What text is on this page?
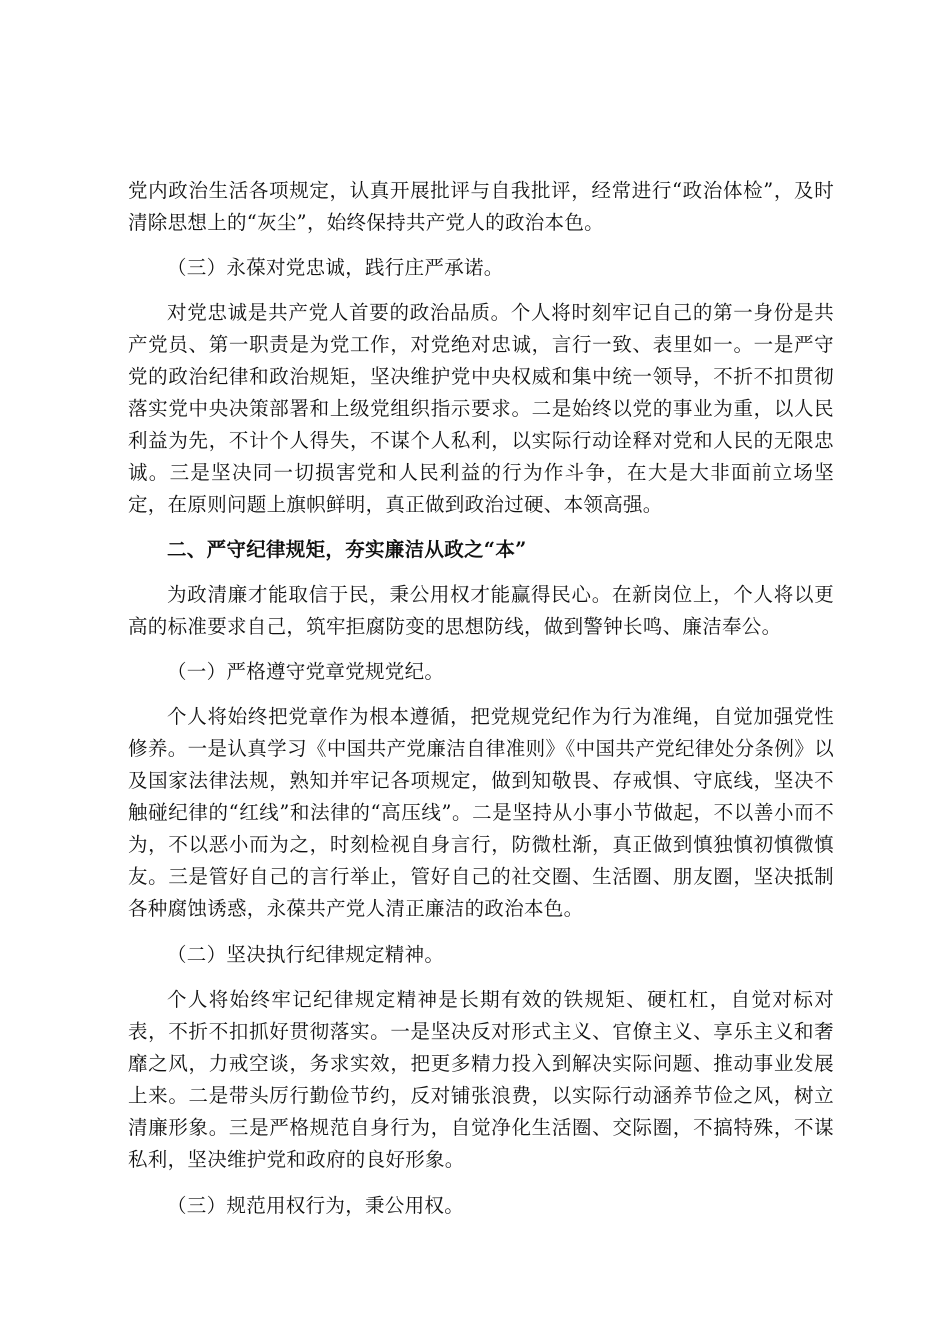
党内政治生活各项规定，认真开展批评与自我批评，经常进行“政治体检”，及时清除思想上的“灰尘”，始终保持共产党人的政治本色。

（三）永葆对党忠诚，践行庄严承诺。

对党忠诚是共产党人首要的政治品质。个人将时刻牢记自己的第一身份是共产党员、第一职责是为党工作，对党绝对忠诚，言行一致、表里如一。一是严守党的政治纪律和政治规矩，坚决维护党中央权威和集中统一领导，不折不扣贯彻落实党中央决策部署和上级党组织指示要求。二是始终以党的事业为重，以人民利益为先，不计个人得失，不谋个人私利，以实际行动诠释对党和人民的无限忠诚。三是坚决同一切损害党和人民利益的行为作斗争，在大是大非面前立场坚定，在原则问题上旗帜鲜明，真正做到政治过硬、本领高强。

二、严守纪律规矩，夯实廉洁从政之“本”

为政清廉才能取信于民，秉公用权才能赢得民心。在新岗位上，个人将以更高的标准要求自己，筑牢拒腐防变的思想防线，做到警钟长鸣、廉洁奉公。

（一）严格遵守党章党规党纪。

个人将始终把党章作为根本遵循，把党规党纪作为行为准绳，自觉加强党性修养。一是认真学习《中国共产党廉洁自律准则》《中国共产党纪律处分条例》以及国家法律法规，熟知并牢记各项规定，做到知敬畏、存戒惧、守底线，坚决不触碰纪律的“红线”和法律的“高压线”。二是坚持从小事小节做起，不以善小而不为，不以恶小而为之，时刻检视自身言行，防微杜渐，真正做到慎独慎初慎微慎友。三是管好自己的言行举止，管好自己的社交圈、生活圈、朋友圈，坚决抵制各种腐蚀诱惑，永葆共产党人清正廉洁的政治本色。

（二）坚决执行纪律规定精神。

个人将始终牢记纪律规定精神是长期有效的铁规矩、硬杠杠，自觉对标对表，不折不扣抓好贯彻落实。一是坚决反对形式主义、官僚主义、享乐主义和奢靡之风，力戒空谈，务求实效，把更多精力投入到解决实际问题、推动事业发展上来。二是带头厉行勤俭节约，反对铺张浪费，以实际行动涵养节俭之风，树立清廉形象。三是严格规范自身行为，自觉净化生活圈、交际圈，不搞特殊，不谋私利，坚决维护党和政府的良好形象。

（三）规范用权行为，秉公用权。
